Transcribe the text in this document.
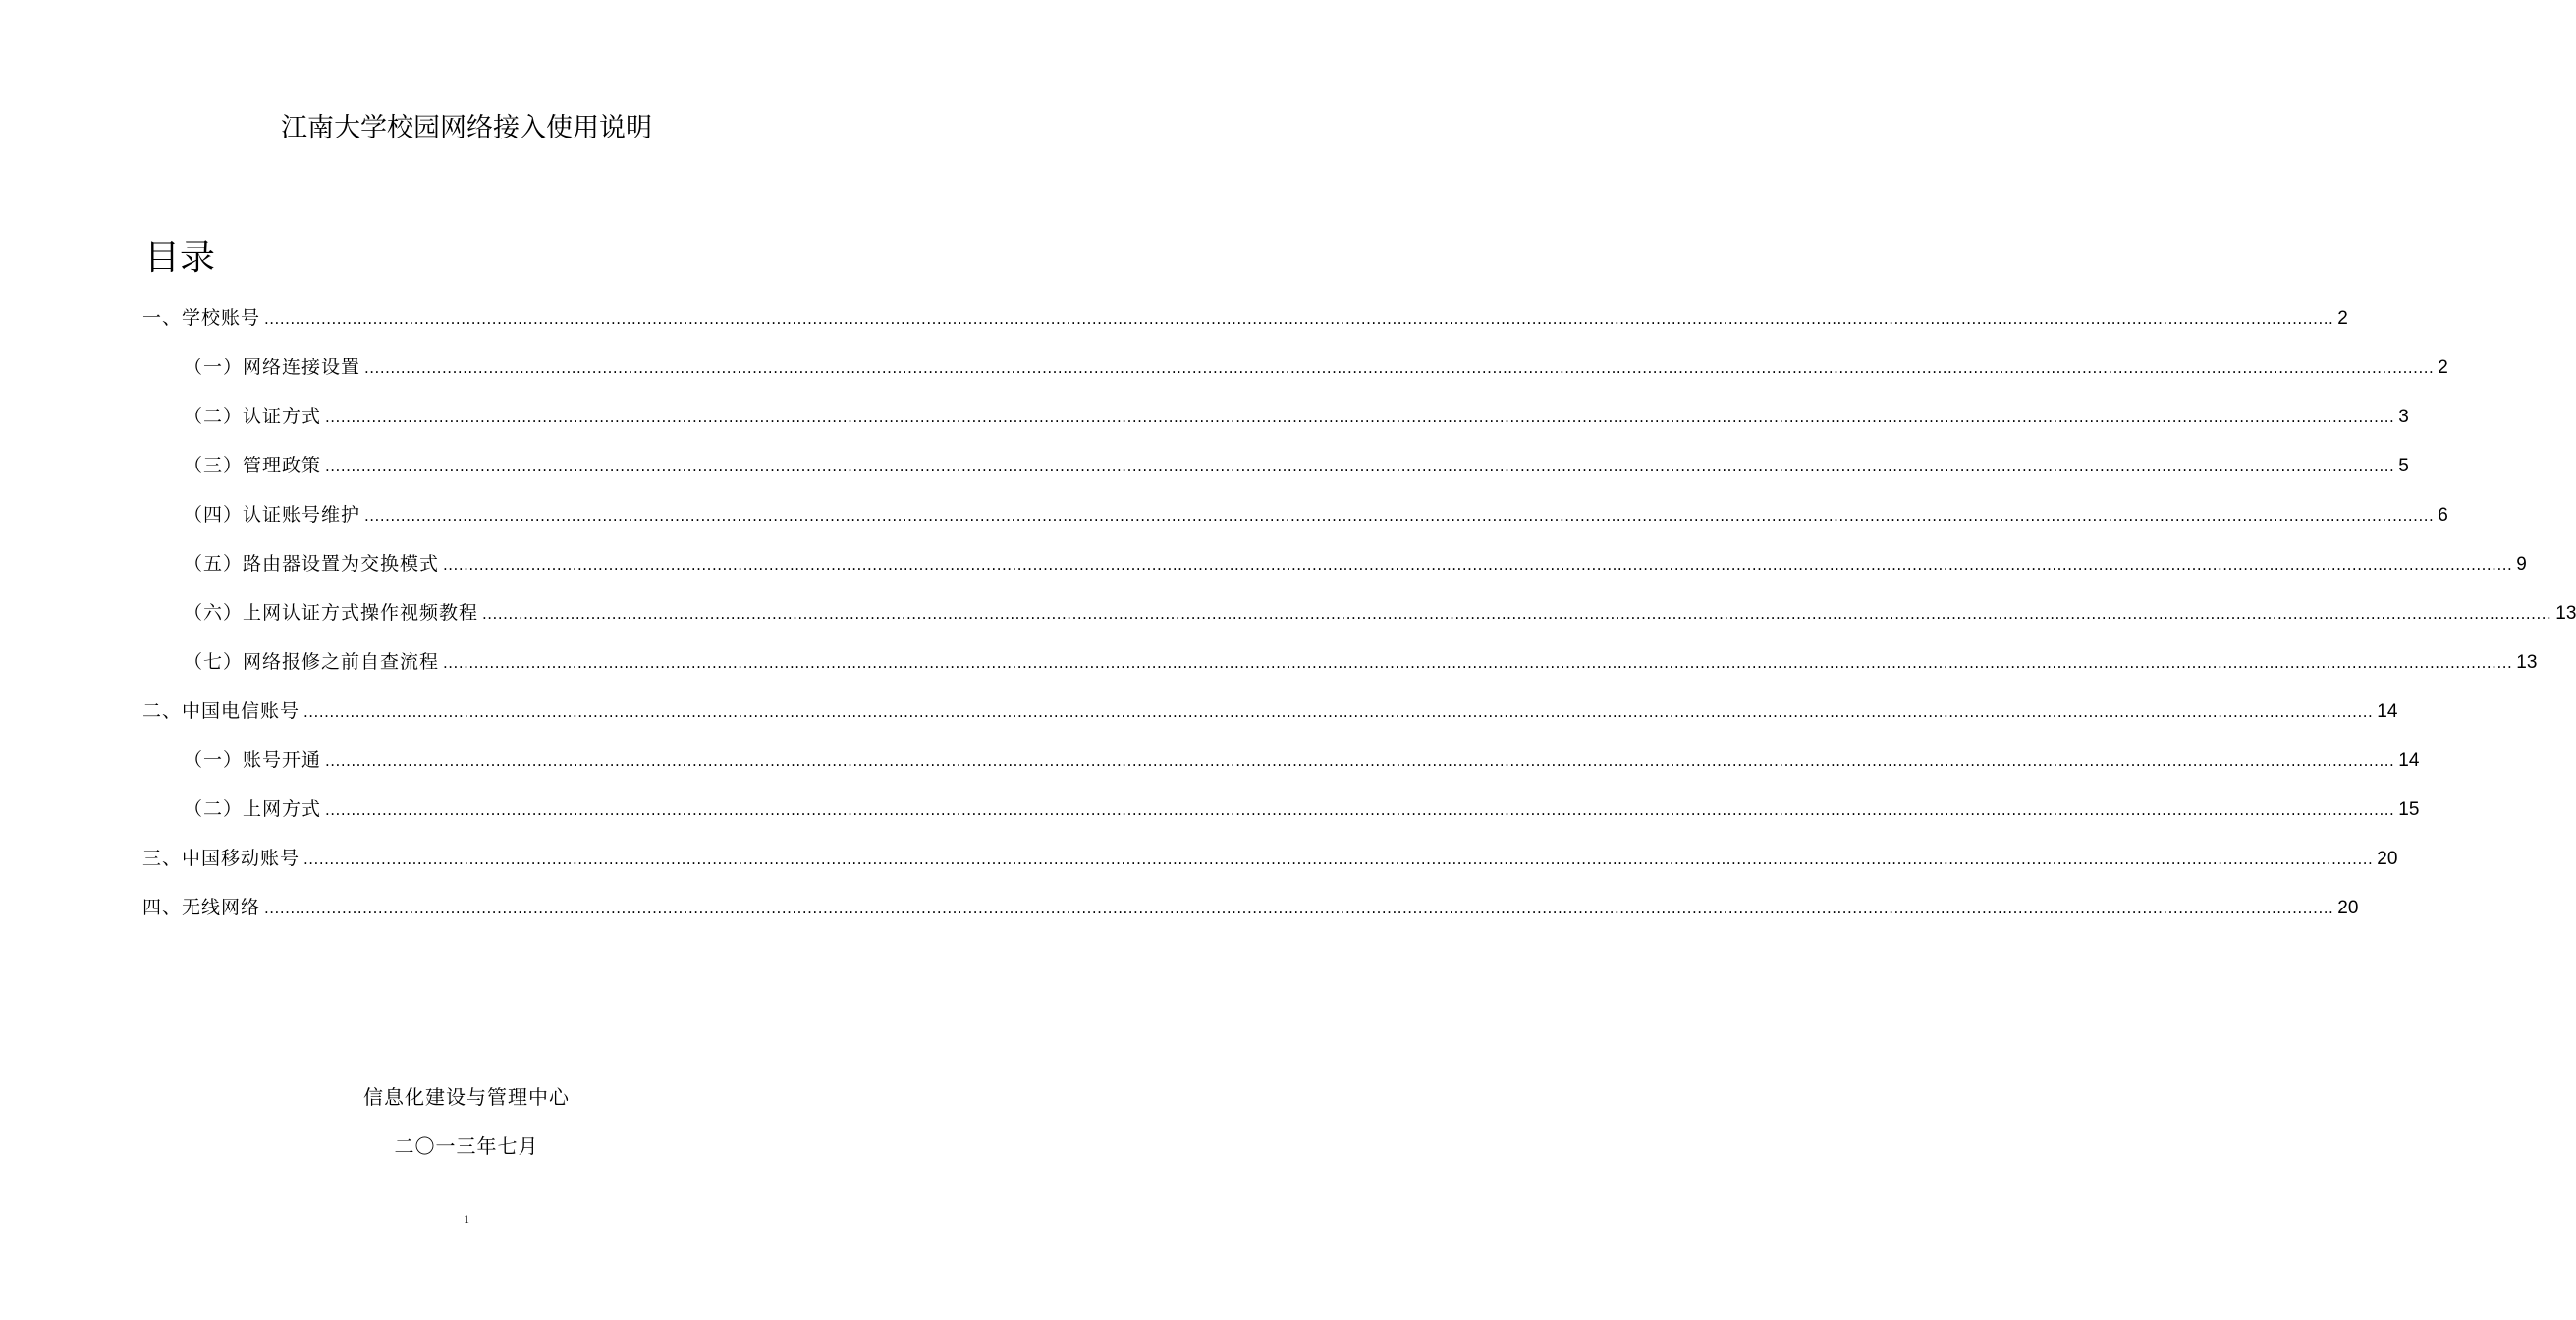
江南大学校园网络接入使用说明
目录
一、学校账号 ................................................................................................................................................................................................................................................................................................................................................................................................................ 2
（一）网络连接设置 ................................................................................................................................................................................................................................................................................................................................................................................................................ 2
（二）认证方式 ................................................................................................................................................................................................................................................................................................................................................................................................................ 3
（三）管理政策 ................................................................................................................................................................................................................................................................................................................................................................................................................ 5
（四）认证账号维护 ................................................................................................................................................................................................................................................................................................................................................................................................................ 6
（五）路由器设置为交换模式 ................................................................................................................................................................................................................................................................................................................................................................................................................ 9
（六）上网认证方式操作视频教程 ................................................................................................................................................................................................................................................................................................................................................................................................................ 13
（七）网络报修之前自查流程 ................................................................................................................................................................................................................................................................................................................................................................................................................ 13
二、中国电信账号 ................................................................................................................................................................................................................................................................................................................................................................................................................ 14
（一）账号开通 ................................................................................................................................................................................................................................................................................................................................................................................................................ 14
（二）上网方式 ................................................................................................................................................................................................................................................................................................................................................................................................................ 15
三、中国移动账号 ................................................................................................................................................................................................................................................................................................................................................................................................................ 20
四、无线网络 ................................................................................................................................................................................................................................................................................................................................................................................................................ 20
信息化建设与管理中心
二〇一三年七月
1
